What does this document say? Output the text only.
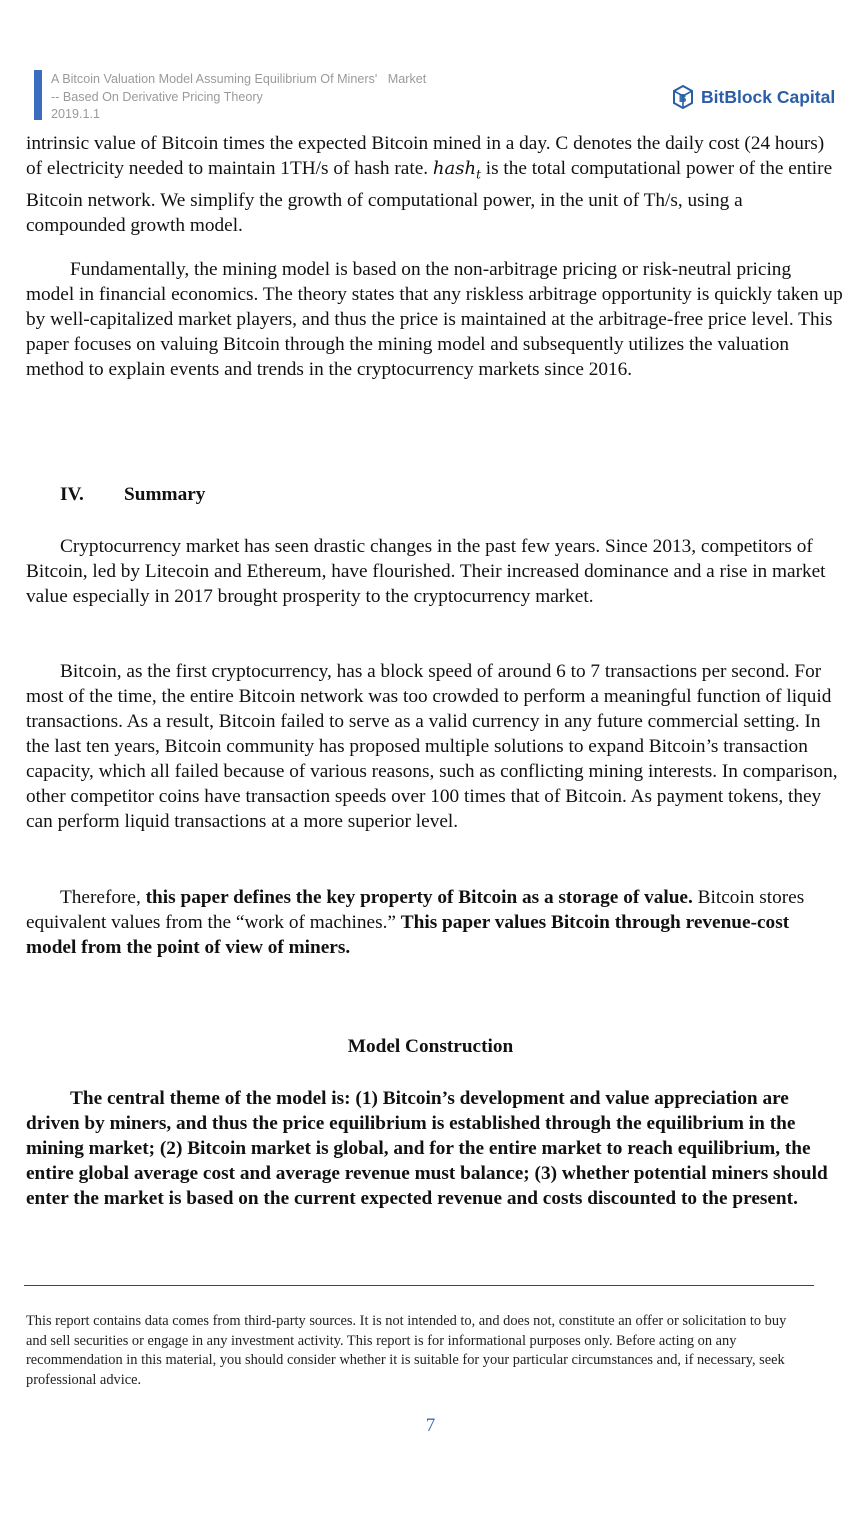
A Bitcoin Valuation Model Assuming Equilibrium Of Miners'   Market
-- Based On Derivative Pricing Theory
2019.1.1
BitBlock Capital

intrinsic value of Bitcoin times the expected Bitcoin mined in a day. C denotes the daily cost (24 hours) of electricity needed to maintain 1TH/s of hash rate. hash$_t$ is the total computational power of the entire Bitcoin network. We simplify the growth of computational power, in the unit of Th/s, using a compounded growth model.

Fundamentally, the mining model is based on the non-arbitrage pricing or risk-neutral pricing model in financial economics. The theory states that any riskless arbitrage opportunity is quickly taken up by well-capitalized market players, and thus the price is maintained at the arbitrage-free price level. This paper focuses on valuing Bitcoin through the mining model and subsequently utilizes the valuation method to explain events and trends in the cryptocurrency markets since 2016.

IV. Summary

Cryptocurrency market has seen drastic changes in the past few years. Since 2013, competitors of Bitcoin, led by Litecoin and Ethereum, have flourished. Their increased dominance and a rise in market value especially in 2017 brought prosperity to the cryptocurrency market.

Bitcoin, as the first cryptocurrency, has a block speed of around 6 to 7 transactions per second. For most of the time, the entire Bitcoin network was too crowded to perform a meaningful function of liquid transactions. As a result, Bitcoin failed to serve as a valid currency in any future commercial setting. In the last ten years, Bitcoin community has proposed multiple solutions to expand Bitcoin’s transaction capacity, which all failed because of various reasons, such as conflicting mining interests. In comparison, other competitor coins have transaction speeds over 100 times that of Bitcoin. As payment tokens, they can perform liquid transactions at a more superior level.

Therefore, this paper defines the key property of Bitcoin as a storage of value. Bitcoin stores equivalent values from the “work of machines.” This paper values Bitcoin through revenue-cost model from the point of view of miners.

Model Construction

The central theme of the model is: (1) Bitcoin’s development and value appreciation are driven by miners, and thus the price equilibrium is established through the equilibrium in the mining market; (2) Bitcoin market is global, and for the entire market to reach equilibrium, the entire global average cost and average revenue must balance; (3) whether potential miners should enter the market is based on the current expected revenue and costs discounted to the present.

This report contains data comes from third-party sources. It is not intended to, and does not, constitute an offer or solicitation to buy and sell securities or engage in any investment activity. This report is for informational purposes only. Before acting on any recommendation in this material, you should consider whether it is suitable for your particular circumstances and, if necessary, seek professional advice.
7
